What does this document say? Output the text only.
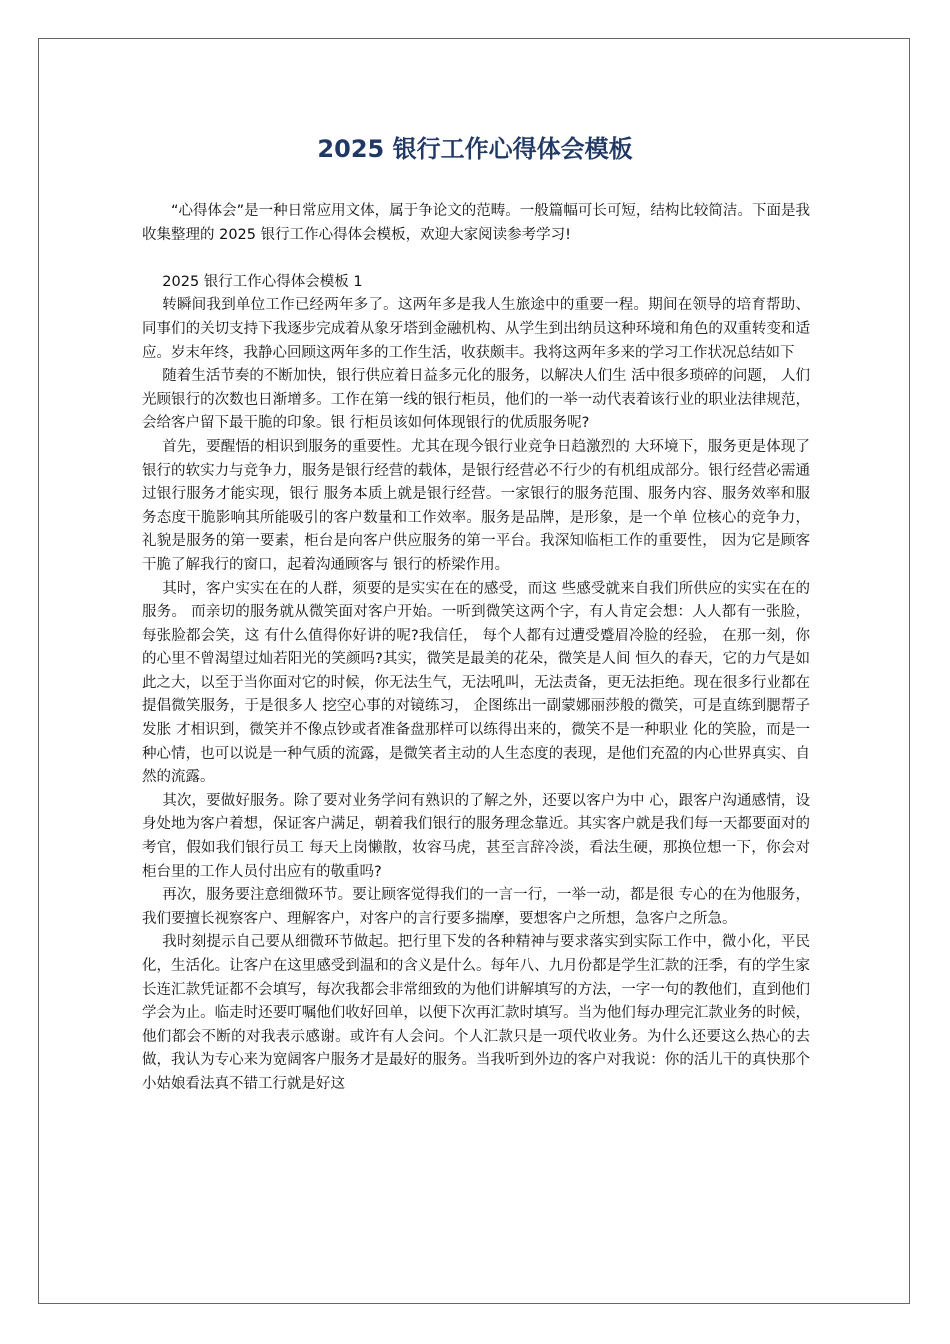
2025 银行工作心得体会模板

“心得体会”是一种日常应用文体，属于争论文的范畴。一般篇幅可长可短，结构比较简洁。下面是我收集整理的 2025 银行工作心得体会模板，欢迎大家阅读参考学习!

2025 银行工作心得体会模板 1

转瞬间我到单位工作已经两年多了。这两年多是我人生旅途中的重要一程。期间在领导的培育帮助、同事们的关切支持下我逐步完成着从象牙塔到金融机构、从学生到出纳员这种环境和角色的双重转变和适应。岁末年终，我静心回顾这两年多的工作生活，收获颇丰。我将这两年多来的学习工作状况总结如下

随着生活节奏的不断加快，银行供应着日益多元化的服务，以解决人们生 活中很多琐碎的问题， 人们光顾银行的次数也日渐增多。工作在第一线的银行柜员，他们的一举一动代表着该行业的职业法律规范，会给客户留下最干脆的印象。银 行柜员该如何体现银行的优质服务呢?

首先，要醒悟的相识到服务的重要性。尤其在现今银行业竞争日趋激烈的 大环境下，服务更是体现了银行的软实力与竞争力，服务是银行经营的载体，是银行经营必不行少的有机组成部分。银行经营必需通过银行服务才能实现，银行 服务本质上就是银行经营。一家银行的服务范围、服务内容、服务效率和服务态度干脆影响其所能吸引的客户数量和工作效率。服务是品牌，是形象，是一个单 位核心的竞争力，礼貌是服务的第一要素，柜台是向客户供应服务的第一平台。我深知临柜工作的重要性， 因为它是顾客干脆了解我行的窗口，起着沟通顾客与 银行的桥梁作用。

其时，客户实实在在的人群，须要的是实实在在的感受，而这 些感受就来自我们所供应的实实在在的服务。 而亲切的服务就从微笑面对客户开始。一听到微笑这两个字，有人肯定会想：人人都有一张脸，每张脸都会笑，这 有什么值得你好讲的呢?我信任， 每个人都有过遭受蹙眉冷脸的经验， 在那一刻，你的心里不曾渴望过灿若阳光的笑颜吗?其实，微笑是最美的花朵，微笑是人间 恒久的春天，它的力气是如此之大，以至于当你面对它的时候，你无法生气，无法吼叫，无法责备，更无法拒绝。现在很多行业都在提倡微笑服务，于是很多人 挖空心事的对镜练习， 企图练出一副蒙娜丽莎般的微笑，可是直练到腮帮子发胀 才相识到，微笑并不像点钞或者准备盘那样可以练得出来的，微笑不是一种职业 化的笑脸，而是一种心情，也可以说是一种气质的流露，是微笑者主动的人生态度的表现，是他们充盈的内心世界真实、自然的流露。

其次，要做好服务。除了要对业务学问有熟识的了解之外，还要以客户为中 心，跟客户沟通感情，设身处地为客户着想，保证客户满足，朝着我们银行的服务理念靠近。其实客户就是我们每一天都要面对的考官，假如我们银行员工 每天上岗懒散，妆容马虎，甚至言辞冷淡，看法生硬，那换位想一下，你会对柜台里的工作人员付出应有的敬重吗?

再次，服务要注意细微环节。要让顾客觉得我们的一言一行，一举一动，都是很 专心的在为他服务，我们要擅长视察客户、理解客户，对客户的言行要多揣摩，要想客户之所想，急客户之所急。

我时刻提示自己要从细微环节做起。把行里下发的各种精神与要求落实到实际工作中，微小化，平民化，生活化。让客户在这里感受到温和的含义是什么。每年八、九月份都是学生汇款的汪季，有的学生家长连汇款凭证都不会填写，每次我都会非常细致的为他们讲解填写的方法，一字一句的教他们，直到他们学会为止。临走时还要叮嘱他们收好回单，以便下次再汇款时填写。当为他们每办理完汇款业务的时候，他们都会不断的对我表示感谢。或许有人会问。个人汇款只是一项代收业务。为什么还要这么热心的去做，我认为专心来为宽阔客户服务才是最好的服务。当我听到外边的客户对我说：你的活儿干的真快那个小姑娘看法真不错工行就是好这
